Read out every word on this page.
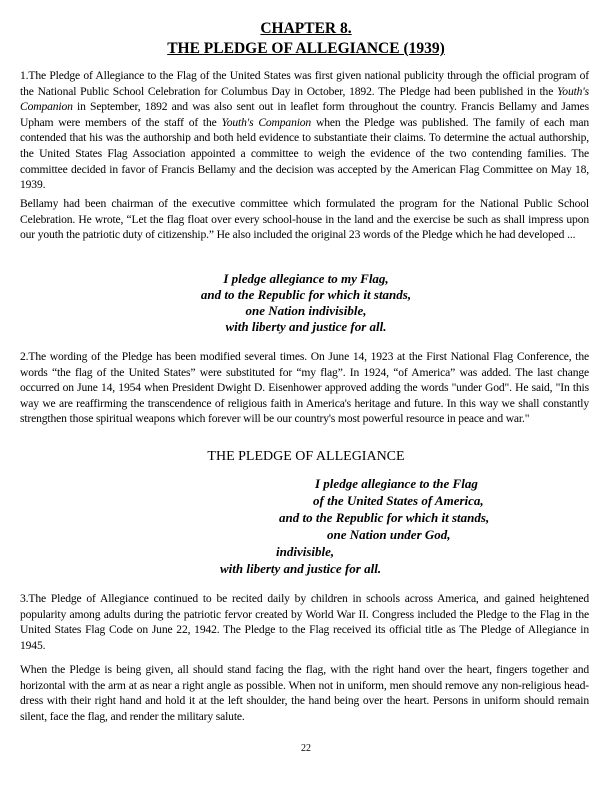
CHAPTER 8.
THE PLEDGE OF ALLEGIANCE (1939)
1.The Pledge of Allegiance to the Flag of the United States was first given national publicity through the official program of the National Public School Celebration for Columbus Day in October, 1892. The Pledge had been published in the Youth's Companion in September, 1892 and was also sent out in leaflet form throughout the country. Francis Bellamy and James Upham were members of the staff of the Youth's Companion when the Pledge was published. The family of each man contended that his was the authorship and both held evidence to substantiate their claims. To determine the actual authorship, the United States Flag Association appointed a committee to weigh the evidence of the two contending families. The committee decided in favor of Francis Bellamy and the decision was accepted by the American Flag Committee on May 18, 1939.
Bellamy had been chairman of the executive committee which formulated the program for the National Public School Celebration. He wrote, “Let the flag float over every school-house in the land and the exercise be such as shall impress upon our youth the patriotic duty of citizenship.” He also included the original 23 words of the Pledge which he had developed ...
I pledge allegiance to my Flag,
and to the Republic for which it stands,
one Nation indivisible,
with liberty and justice for all.
2.The wording of the Pledge has been modified several times. On June 14, 1923 at the First National Flag Conference, the words “the flag of the United States” were substituted for “my flag”. In 1924, “of America” was added. The last change occurred on June 14, 1954 when President Dwight D. Eisenhower approved adding the words "under God". He said, "In this way we are reaffirming the transcendence of religious faith in America's heritage and future. In this way we shall constantly strengthen those spiritual weapons which forever will be our country's most powerful resource in peace and war."
THE PLEDGE OF ALLEGIANCE
I pledge allegiance to the Flag
of the United States of America,
and to the Republic for which it stands,
one Nation under God,
indivisible,
with liberty and justice for all.
3.The Pledge of Allegiance continued to be recited daily by children in schools across America, and gained heightened popularity among adults during the patriotic fervor created by World War II. Congress included the Pledge to the Flag in the United States Flag Code on June 22, 1942. The Pledge to the Flag received its official title as The Pledge of Allegiance in 1945.
When the Pledge is being given, all should stand facing the flag, with the right hand over the heart, fingers together and horizontal with the arm at as near a right angle as possible. When not in uniform, men should remove any non-religious head-dress with their right hand and hold it at the left shoulder, the hand being over the heart. Persons in uniform should remain silent, face the flag, and render the military salute.
22
